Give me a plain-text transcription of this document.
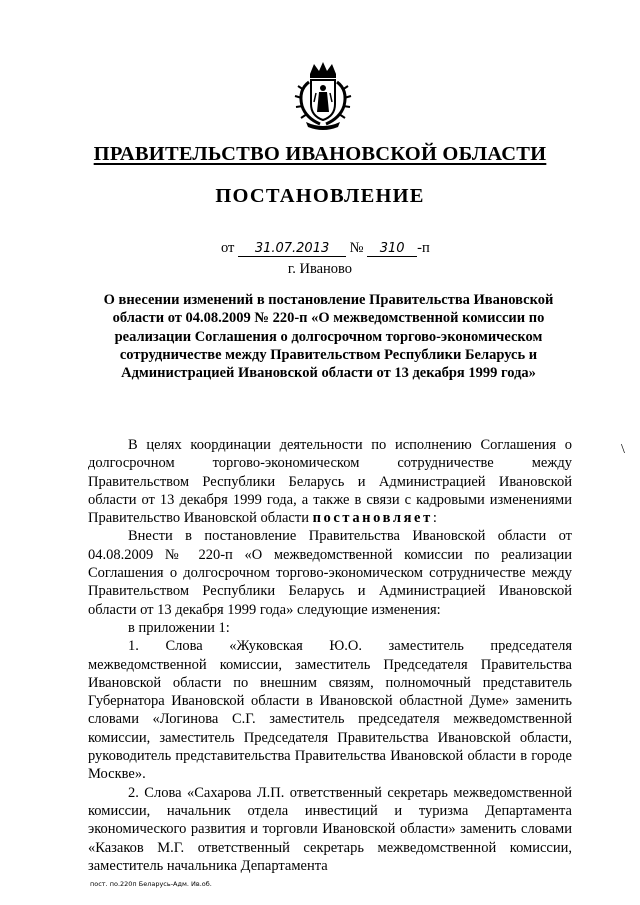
ПРАВИТЕЛЬСТВО ИВАНОВСКОЙ ОБЛАСТИ
ПОСТАНОВЛЕНИЕ
от 31.07.2013 № 310 -п
г. Иваново
О внесении изменений в постановление Правительства Ивановской области от 04.08.2009 № 220-п «О межведомственной комиссии по реализации Соглашения о долгосрочном торгово-экономическом сотрудничестве между Правительством Республики Беларусь и Администрацией Ивановской области от 13 декабря 1999 года»

В целях координации деятельности по исполнению Соглашения о долгосрочном торгово-экономическом сотрудничестве между Правительством Республики Беларусь и Администрацией Ивановской области от 13 декабря 1999 года, а также в связи с кадровыми изменениями Правительство Ивановской области постановляет:

Внести в постановление Правительства Ивановской области от 04.08.2009 № 220-п «О межведомственной комиссии по реализации Соглашения о долгосрочном торгово-экономическом сотрудничестве между Правительством Республики Беларусь и Администрацией Ивановской области от 13 декабря 1999 года» следующие изменения:

в приложении 1:

1. Слова «Жуковская Ю.О. заместитель председателя межведомственной комиссии, заместитель Председателя Правительства Ивановской области по внешним связям, полномочный представитель Губернатора Ивановской области в Ивановской областной Думе» заменить словами «Логинова С.Г. заместитель председателя межведомственной комиссии, заместитель Председателя Правительства Ивановской области, руководитель представительства Правительства Ивановской области в городе Москве».

2. Слова «Сахарова Л.П. ответственный секретарь межведомственной комиссии, начальник отдела инвестиций и туризма Департамента экономического развития и торговли Ивановской области» заменить словами «Казаков М.Г. ответственный секретарь межведомственной комиссии, заместитель начальника Департамента

\
пост. по.220п Беларусь-Адм. Ив.об.
